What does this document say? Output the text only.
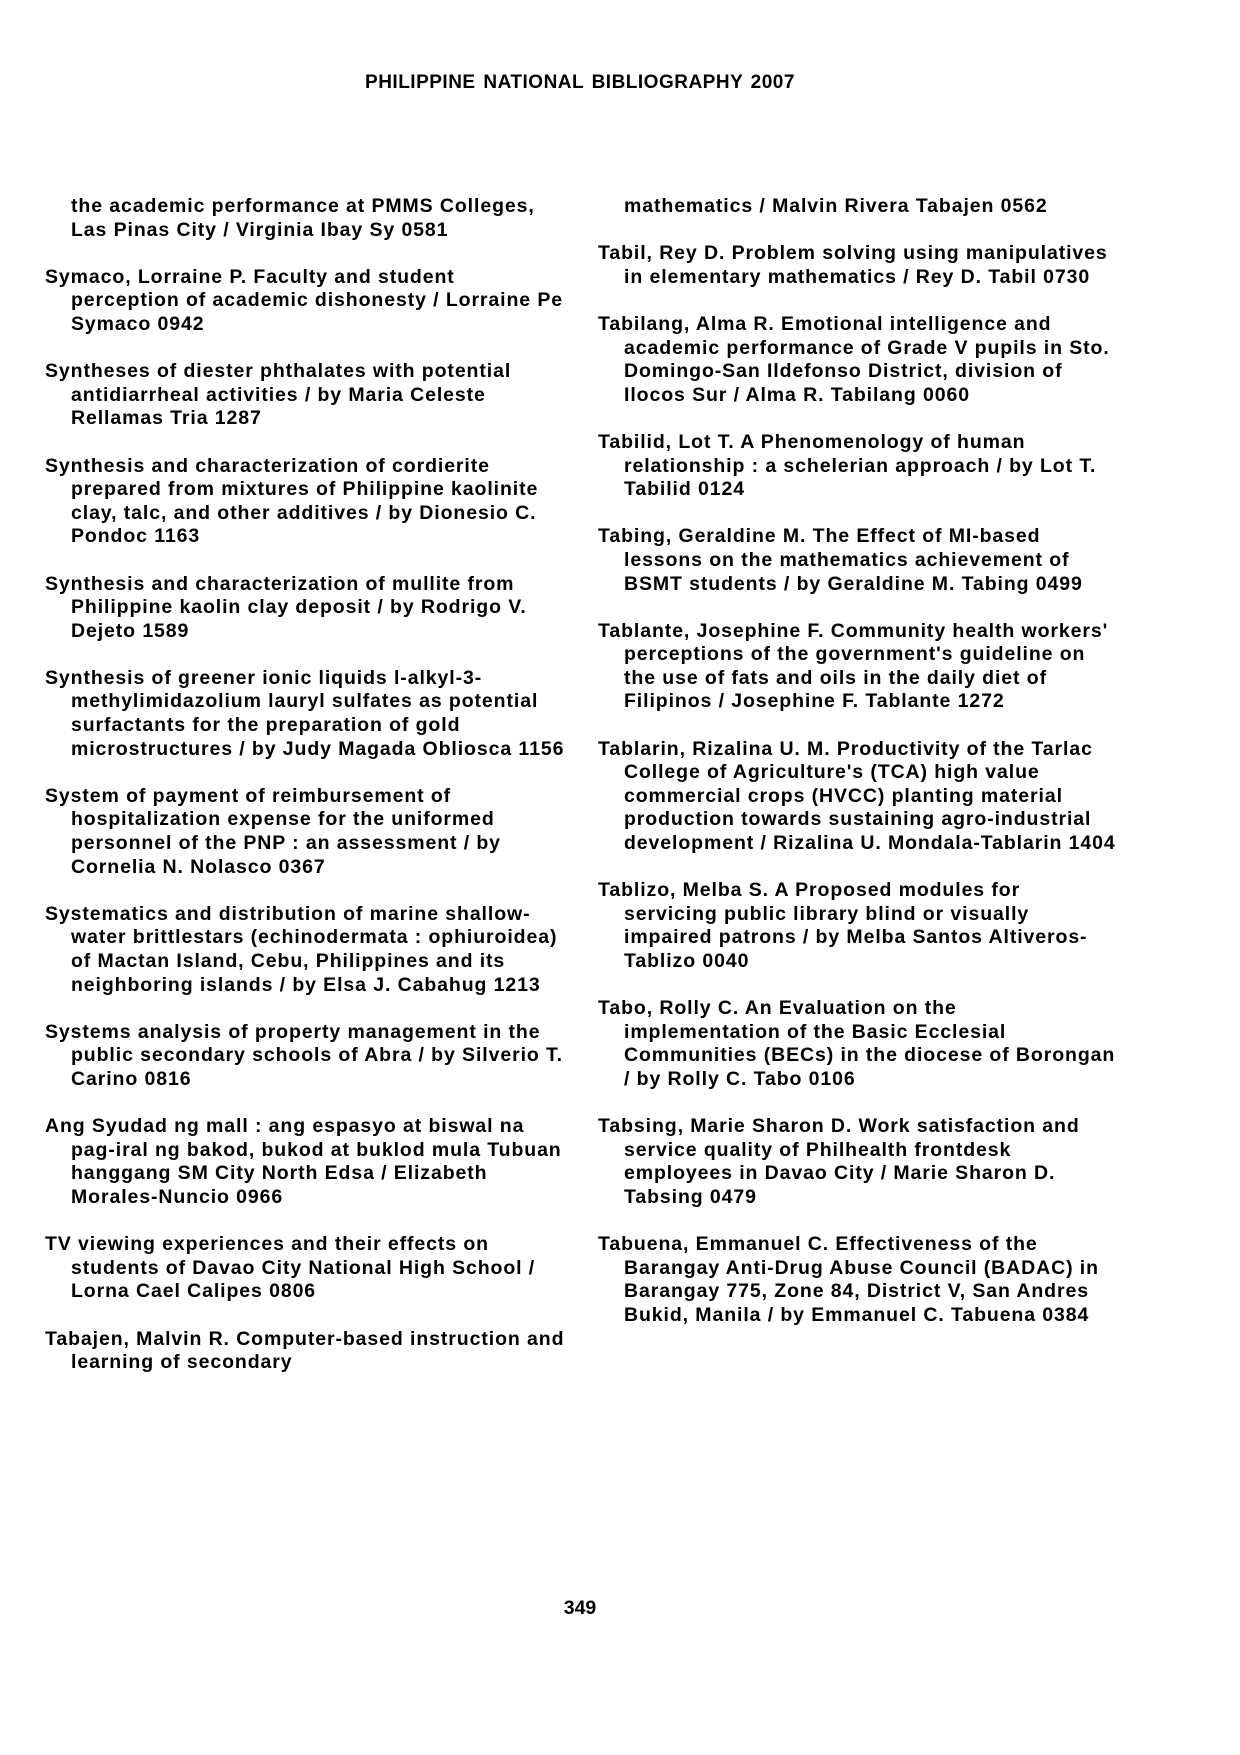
PHILIPPINE NATIONAL BIBLIOGRAPHY 2007

the academic performance at PMMS Colleges, Las Pinas City / Virginia Ibay Sy 0581

Symaco, Lorraine P. Faculty and student perception of academic dishonesty / Lorraine Pe Symaco 0942

Syntheses of diester phthalates with potential antidiarrheal activities / by Maria Celeste Rellamas Tria 1287

Synthesis and characterization of cordierite prepared from mixtures of Philippine kaolinite clay, talc, and other additives / by Dionesio C. Pondoc 1163

Synthesis and characterization of mullite from Philippine kaolin clay deposit / by Rodrigo V. Dejeto 1589

Synthesis of greener ionic liquids l-alkyl-3-methylimidazolium lauryl sulfates as potential surfactants for the preparation of gold microstructures / by Judy Magada Obliosca 1156

System of payment of reimbursement of hospitalization expense for the uniformed personnel of the PNP : an assessment / by Cornelia N. Nolasco 0367

Systematics and distribution of marine shallow-water brittlestars (echinodermata : ophiuroidea) of Mactan Island, Cebu, Philippines and its neighboring islands / by Elsa J. Cabahug 1213

Systems analysis of property management in the public secondary schools of Abra / by Silverio T. Carino 0816

Ang Syudad ng mall : ang espasyo at biswal na pag-iral ng bakod, bukod at buklod mula Tubuan hanggang SM City North Edsa / Elizabeth Morales-Nuncio 0966

TV viewing experiences and their effects on students of Davao City National High School / Lorna Cael Calipes 0806

Tabajen, Malvin R. Computer-based instruction and learning of secondary

mathematics / Malvin Rivera Tabajen 0562

Tabil, Rey D. Problem solving using manipulatives in elementary mathematics / Rey D. Tabil 0730

Tabilang, Alma R. Emotional intelligence and academic performance of Grade V pupils in Sto. Domingo-San Ildefonso District, division of Ilocos Sur / Alma R. Tabilang 0060

Tabilid, Lot T. A Phenomenology of human relationship : a schelerian approach / by Lot T. Tabilid 0124

Tabing, Geraldine M. The Effect of MI-based lessons on the mathematics achievement of BSMT students / by Geraldine M. Tabing 0499

Tablante, Josephine F. Community health workers' perceptions of the government's guideline on the use of fats and oils in the daily diet of Filipinos / Josephine F. Tablante 1272

Tablarin, Rizalina U. M. Productivity of the Tarlac College of Agriculture's (TCA) high value commercial crops (HVCC) planting material production towards sustaining agro-industrial development / Rizalina U. Mondala-Tablarin 1404

Tablizo, Melba S. A Proposed modules for servicing public library blind or visually impaired patrons / by Melba Santos Altiveros-Tablizo 0040

Tabo, Rolly C. An Evaluation on the implementation of the Basic Ecclesial Communities (BECs) in the diocese of Borongan / by Rolly C. Tabo 0106

Tabsing, Marie Sharon D. Work satisfaction and service quality of Philhealth frontdesk employees in Davao City / Marie Sharon D. Tabsing 0479

Tabuena, Emmanuel C. Effectiveness of the Barangay Anti-Drug Abuse Council (BADAC) in Barangay 775, Zone 84, District V, San Andres Bukid, Manila / by Emmanuel C. Tabuena 0384

349
